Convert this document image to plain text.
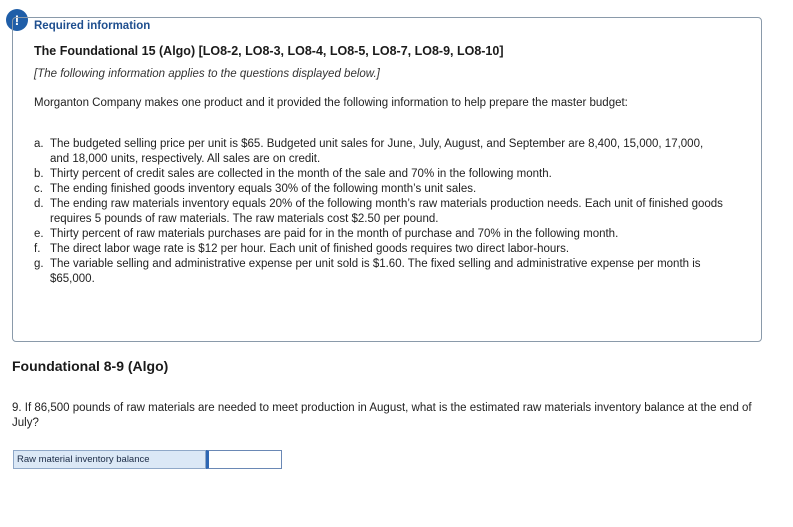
!	Required information
The Foundational 15 (Algo) [LO8-2, LO8-3, LO8-4, LO8-5, LO8-7, LO8-9, LO8-10]
[The following information applies to the questions displayed below.]
Morganton Company makes one product and it provided the following information to help prepare the master budget:
a. The budgeted selling price per unit is $65. Budgeted unit sales for June, July, August, and September are 8,400, 15,000, 17,000, and 18,000 units, respectively. All sales are on credit.
b. Thirty percent of credit sales are collected in the month of the sale and 70% in the following month.
c. The ending finished goods inventory equals 30% of the following month’s unit sales.
d. The ending raw materials inventory equals 20% of the following month’s raw materials production needs. Each unit of finished goods requires 5 pounds of raw materials. The raw materials cost $2.50 per pound.
e. Thirty percent of raw materials purchases are paid for in the month of purchase and 70% in the following month.
f. The direct labor wage rate is $12 per hour. Each unit of finished goods requires two direct labor-hours.
g. The variable selling and administrative expense per unit sold is $1.60. The fixed selling and administrative expense per month is $65,000.
Foundational 8-9 (Algo)
9. If 86,500 pounds of raw materials are needed to meet production in August, what is the estimated raw materials inventory balance at the end of July?
Raw material inventory balance
